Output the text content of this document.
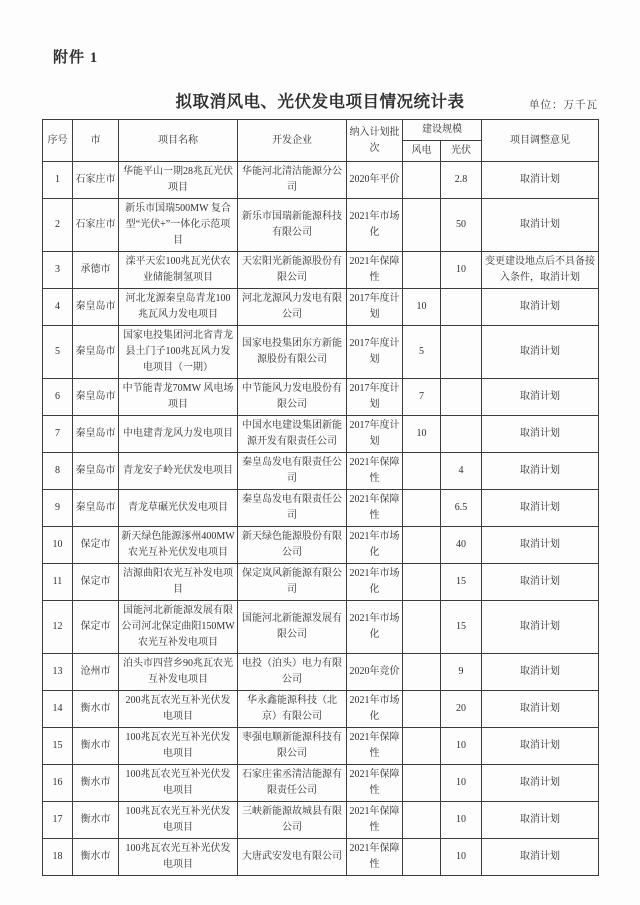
附件 1
拟取消风电、光伏发电项目情况统计表	单位：万千瓦
序号	市	项目名称	开发企业	纳入计划批次	建设规模		项目调整意见
					风电	光伏	
1	石家庄市	华能平山一期28兆瓦光伏项目	华能河北清洁能源分公司	2020年平价		2.8	取消计划
2	石家庄市	新乐市国瑞500MW 复合型“光伏+”一体化示范项目	新乐市国瑞新能源科技有限公司	2021年市场化		50	取消计划
3	承德市	滦平天宏100兆瓦光伏农业储能制氢项目	天宏阳光新能源股份有限公司	2021年保障性		10	变更建设地点后不具备接入条件，取消计划
4	秦皇岛市	河北龙源秦皇岛青龙100兆瓦风力发电项目	河北龙源风力发电有限公司	2017年度计划	10		取消计划
5	秦皇岛市	国家电投集团河北省青龙县土门子100兆瓦风力发电项目（一期）	国家电投集团东方新能源股份有限公司	2017年度计划	5		取消计划
6	秦皇岛市	中节能青龙70MW 风电场项目	中节能风力发电股份有限公司	2017年度计划	7		取消计划
7	秦皇岛市	中电建青龙风力发电项目	中国水电建设集团新能源开发有限责任公司	2017年度计划	10		取消计划
8	秦皇岛市	青龙安子岭光伏发电项目	秦皇岛发电有限责任公司	2021年保障性		4	取消计划
9	秦皇岛市	青龙草碾光伏发电项目	秦皇岛发电有限责任公司	2021年保障性		6.5	取消计划
10	保定市	新天绿色能源涿州400MW 农光互补光伏发电项目	新天绿色能源股份有限公司	2021年市场化		40	取消计划
11	保定市	洁源曲阳农光互补发电项目	保定岚风新能源有限公司	2021年市场化		15	取消计划
12	保定市	国能河北新能源发展有限公司河北保定曲阳150MW 农光互补发电项目	国能河北新能源发展有限公司	2021年市场化		15	取消计划
13	沧州市	泊头市四营乡90兆瓦农光互补发电项目	电投（泊头）电力有限公司	2020年竞价		9	取消计划
14	衡水市	200兆瓦农光互补光伏发电项目	华永鑫能源科技（北京）有限公司	2021年市场化		20	取消计划
15	衡水市	100兆瓦农光互补光伏发电项目	枣强电顺新能源科技有限公司	2021年保障性		10	取消计划
16	衡水市	100兆瓦农光互补光伏发电项目	石家庄雀丞清洁能源有限责任公司	2021年保障性		10	取消计划
17	衡水市	100兆瓦农光互补光伏发电项目	三峡新能源故城县有限公司	2021年保障性		10	取消计划
18	衡水市	100兆瓦农光互补光伏发电项目	大唐武安发电有限公司	2021年保障性		10	取消计划
